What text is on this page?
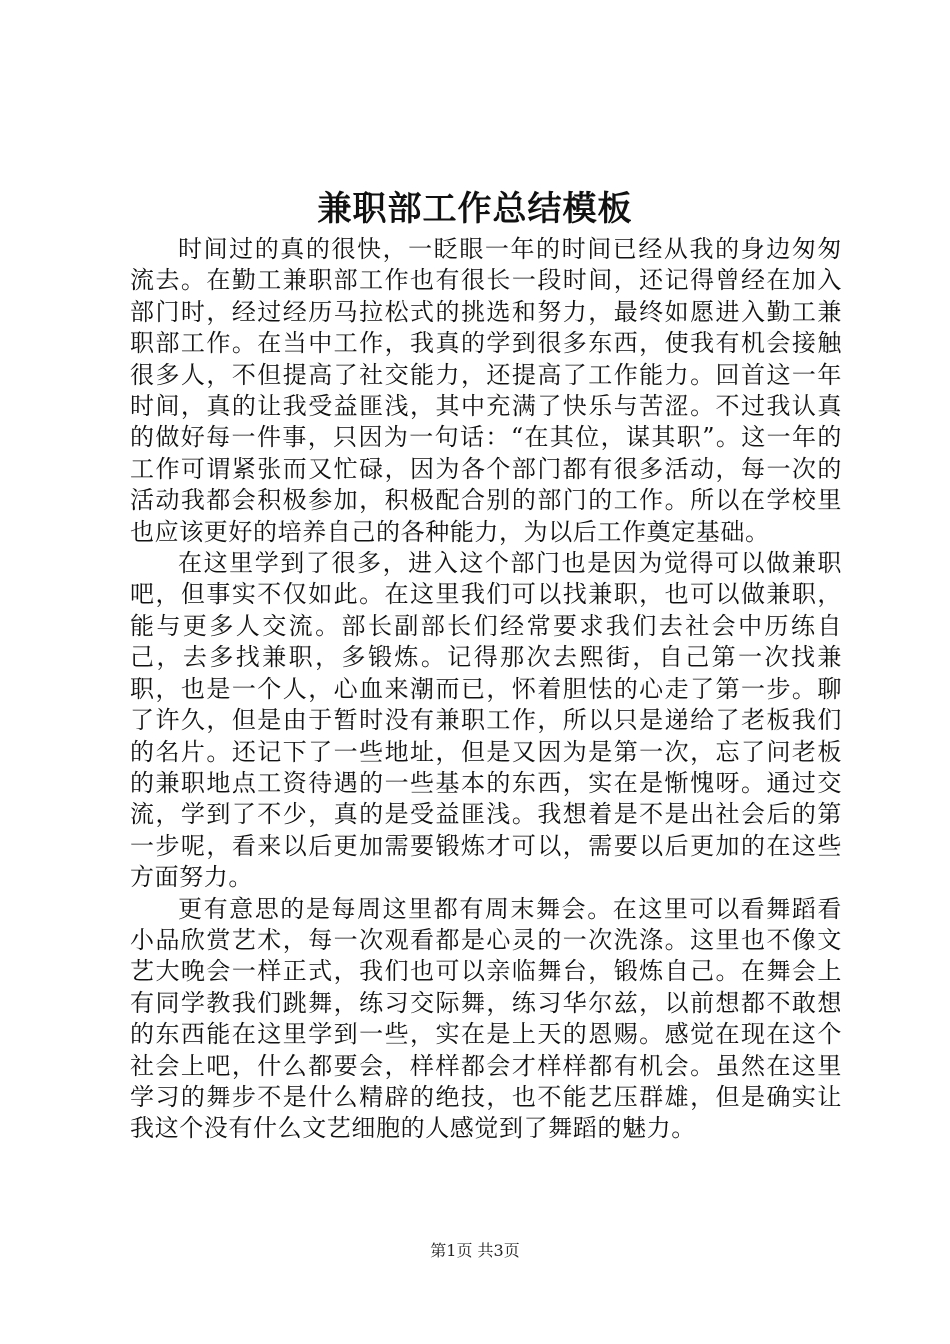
兼职部工作总结模板

时间过的真的很快，一眨眼一年的时间已经从我的身边匆匆流去。在勤工兼职部工作也有很长一段时间，还记得曾经在加入部门时，经过经历马拉松式的挑选和努力，最终如愿进入勤工兼职部工作。在当中工作，我真的学到很多东西，使我有机会接触很多人，不但提高了社交能力，还提高了工作能力。回首这一年时间，真的让我受益匪浅，其中充满了快乐与苦涩。不过我认真的做好每一件事，只因为一句话：“在其位，谋其职”。这一年的工作可谓紧张而又忙碌，因为各个部门都有很多活动，每一次的活动我都会积极参加，积极配合别的部门的工作。所以在学校里也应该更好的培养自己的各种能力，为以后工作奠定基础。

在这里学到了很多，进入这个部门也是因为觉得可以做兼职吧，但事实不仅如此。在这里我们可以找兼职，也可以做兼职，能与更多人交流。部长副部长们经常要求我们去社会中历练自己，去多找兼职，多锻炼。记得那次去熙街，自己第一次找兼职，也是一个人，心血来潮而已，怀着胆怯的心走了第一步。聊了许久，但是由于暂时没有兼职工作，所以只是递给了老板我们的名片。还记下了一些地址，但是又因为是第一次，忘了问老板的兼职地点工资待遇的一些基本的东西，实在是惭愧呀。通过交流，学到了不少，真的是受益匪浅。我想着是不是出社会后的第一步呢，看来以后更加需要锻炼才可以，需要以后更加的在这些方面努力。

更有意思的是每周这里都有周末舞会。在这里可以看舞蹈看小品欣赏艺术，每一次观看都是心灵的一次洗涤。这里也不像文艺大晚会一样正式，我们也可以亲临舞台，锻炼自己。在舞会上有同学教我们跳舞，练习交际舞，练习华尔兹，以前想都不敢想的东西能在这里学到一些，实在是上天的恩赐。感觉在现在这个社会上吧，什么都要会，样样都会才样样都有机会。虽然在这里学习的舞步不是什么精辟的绝技，也不能艺压群雄，但是确实让我这个没有什么文艺细胞的人感觉到了舞蹈的魅力。

第1页 共3页
